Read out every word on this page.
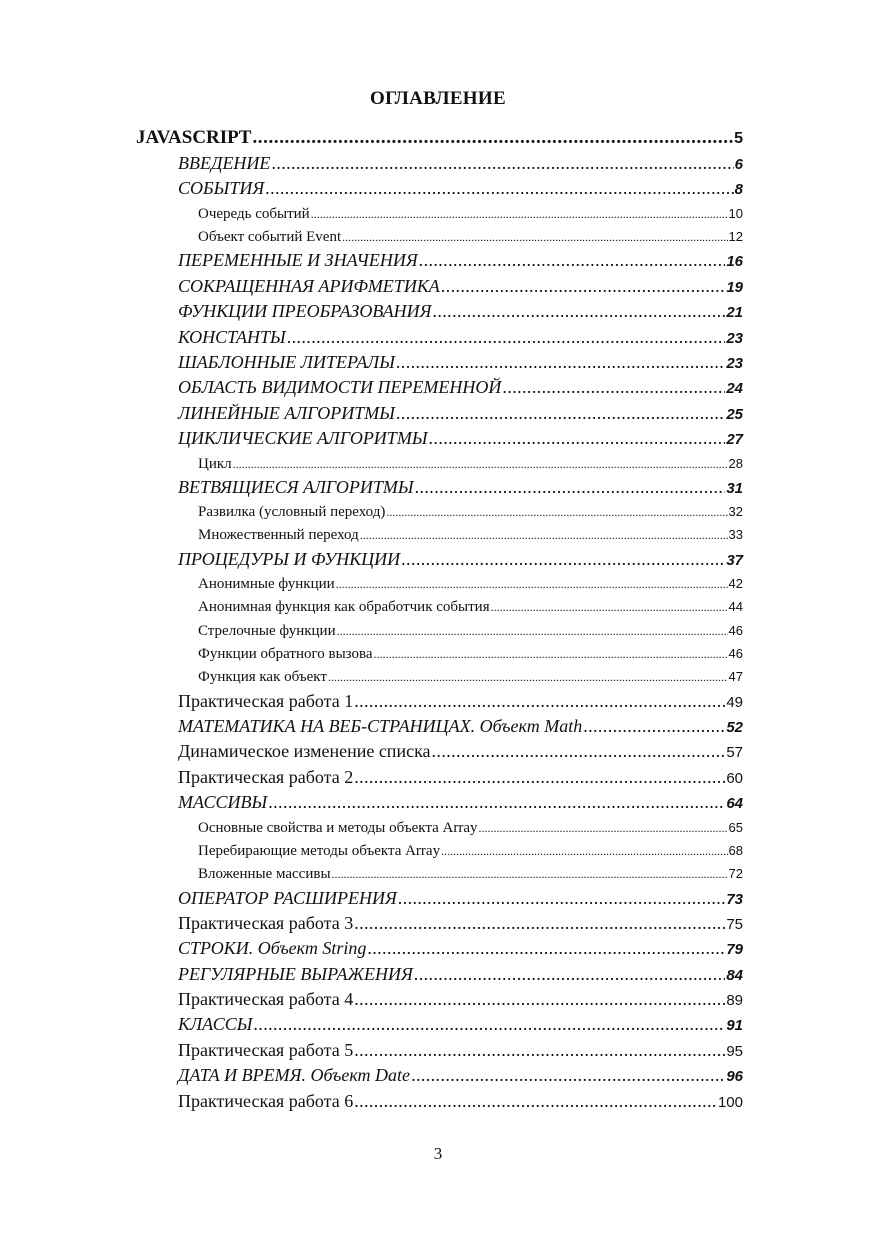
ОГЛАВЛЕНИЕ
JAVASCRIPT .....	5
ВВЕДЕНИЕ .....	6
СОБЫТИЯ .....	8
Очередь событий .....	10
Объект событий Event .....	12
ПЕРЕМЕННЫЕ И ЗНАЧЕНИЯ .....	16
СОКРАЩЕННАЯ АРИФМЕТИКА .....	19
ФУНКЦИИ ПРЕОБРАЗОВАНИЯ .....	21
КОНСТАНТЫ .....	23
ШАБЛОННЫЕ ЛИТЕРАЛЫ .....	23
ОБЛАСТЬ ВИДИМОСТИ ПЕРЕМЕННОЙ .....	24
ЛИНЕЙНЫЕ АЛГОРИТМЫ .....	25
ЦИКЛИЧЕСКИЕ АЛГОРИТМЫ .....	27
Цикл .....	28
ВЕТВЯЩИЕСЯ АЛГОРИТМЫ .....	31
Развилка (условный переход) .....	32
Множественный переход .....	33
ПРОЦЕДУРЫ И ФУНКЦИИ .....	37
Анонимные функции .....	42
Анонимная функция как обработчик события .....	44
Стрелочные функции .....	46
Функции обратного вызова .....	46
Функция как объект .....	47
Практическая работа 1 .....	49
МАТЕМАТИКА НА ВЕБ-СТРАНИЦАХ. Объект Math .....	52
Динамическое изменение списка .....	57
Практическая работа 2 .....	60
МАССИВЫ .....	64
Основные свойства и методы объекта Array .....	65
Перебирающие методы объекта Array .....	68
Вложенные массивы .....	72
ОПЕРАТОР РАСШИРЕНИЯ .....	73
Практическая работа 3 .....	75
СТРОКИ. Объект String .....	79
РЕГУЛЯРНЫЕ ВЫРАЖЕНИЯ .....	84
Практическая работа 4 .....	89
КЛАССЫ .....	91
Практическая работа 5 .....	95
ДАТА И ВРЕМЯ. Объект Date .....	96
Практическая работа 6 .....	100
3
